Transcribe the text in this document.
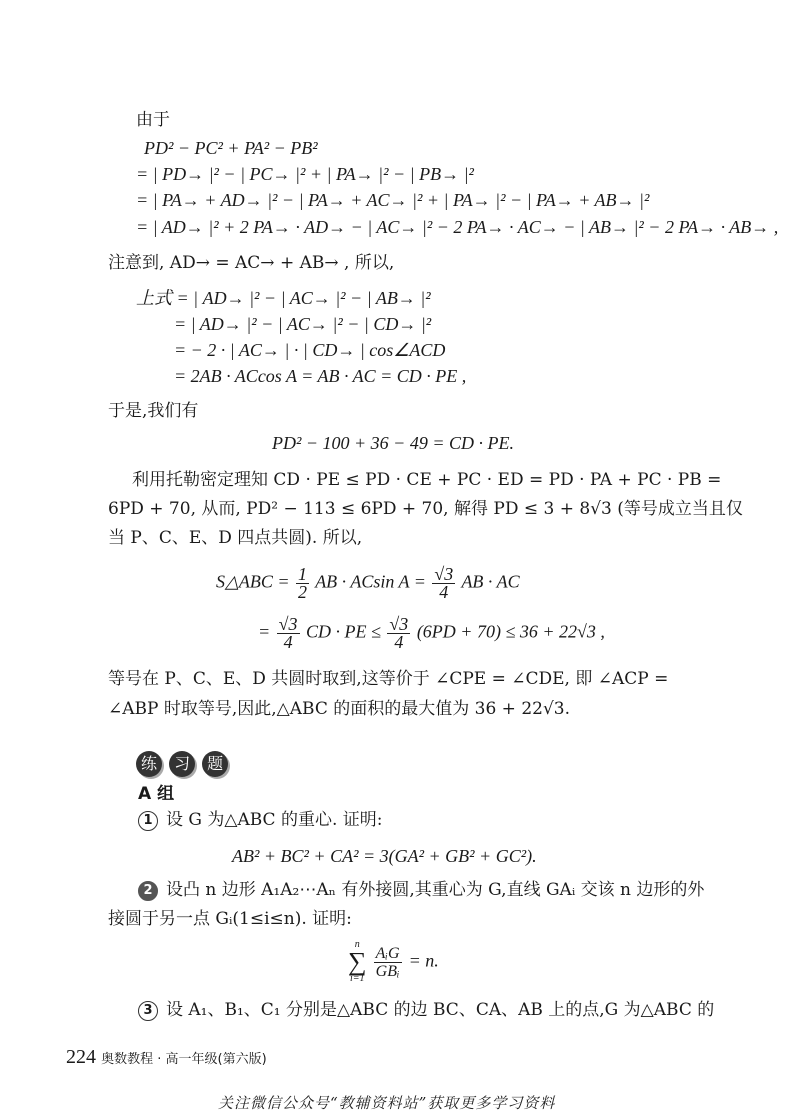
由于
PD² − PC² + PA² − PB²
= | PD→ |² − | PC→ |² + | PA→ |² − | PB→ |²
= | PA→ + AD→ |² − | PA→ + AC→ |² + | PA→ |² − | PA→ + AB→ |²
= | AD→ |² + 2 PA→ · AD→ − | AC→ |² − 2 PA→ · AC→ − | AB→ |² − 2 PA→ · AB→ ,
注意到, AD→ = AC→ + AB→ , 所以,
上式 = | AD→ |² − | AC→ |² − | AB→ |²
= | AD→ |² − | AC→ |² − | CD→ |²
= − 2 · | AC→ | · | CD→ | cos∠ACD
= 2AB · ACcos A = AB · AC = CD · PE ,
于是,我们有
PD² − 100 + 36 − 49 = CD · PE.
利用托勒密定理知 CD · PE ≤ PD · CE + PC · ED = PD · PA + PC · PB =
6PD + 70, 从而, PD² − 113 ≤ 6PD + 70, 解得 PD ≤ 3 + 8√3 (等号成立当且仅
当 P、C、E、D 四点共圆). 所以,
S△ABC = $\frac{1}{2}$ AB · ACsin $A = \frac{√3}{4}$ AB · AC
= $\frac{√3}{4}$ CD · PE ≤ $\frac{√3}{4} (6PD + 70) \le 36 + 22√3$ ,
等号在 P、C、E、D 共圆时取到,这等价于 ∠CPE = ∠CDE, 即 ∠ACP =
∠ABP 时取等号,因此,△ABC 的面积的最大值为 36 + 22√3.
练 习 题
A 组
1 设 G 为△ABC 的重心. 证明:
AB² + BC² + CA² = 3(GA² + GB² + GC²).
2 设凸 n 边形 A₁A₂⋯Aₙ 有外接圆,其重心为 G,直线 GAᵢ 交该 n 边形的外
接圆于另一点 Gᵢ(1≤i≤n). 证明:
n
∑
i=1
$\frac{\text{AᵢG}}{\text{GBᵢ}} = n$.
3 设 A₁、B₁、C₁ 分别是△ABC 的边 BC、CA、AB 上的点,G 为△ABC 的
224 奥数教程 · 高一年级(第六版)
关注微信公众号“教辅资料站”获取更多学习资料
